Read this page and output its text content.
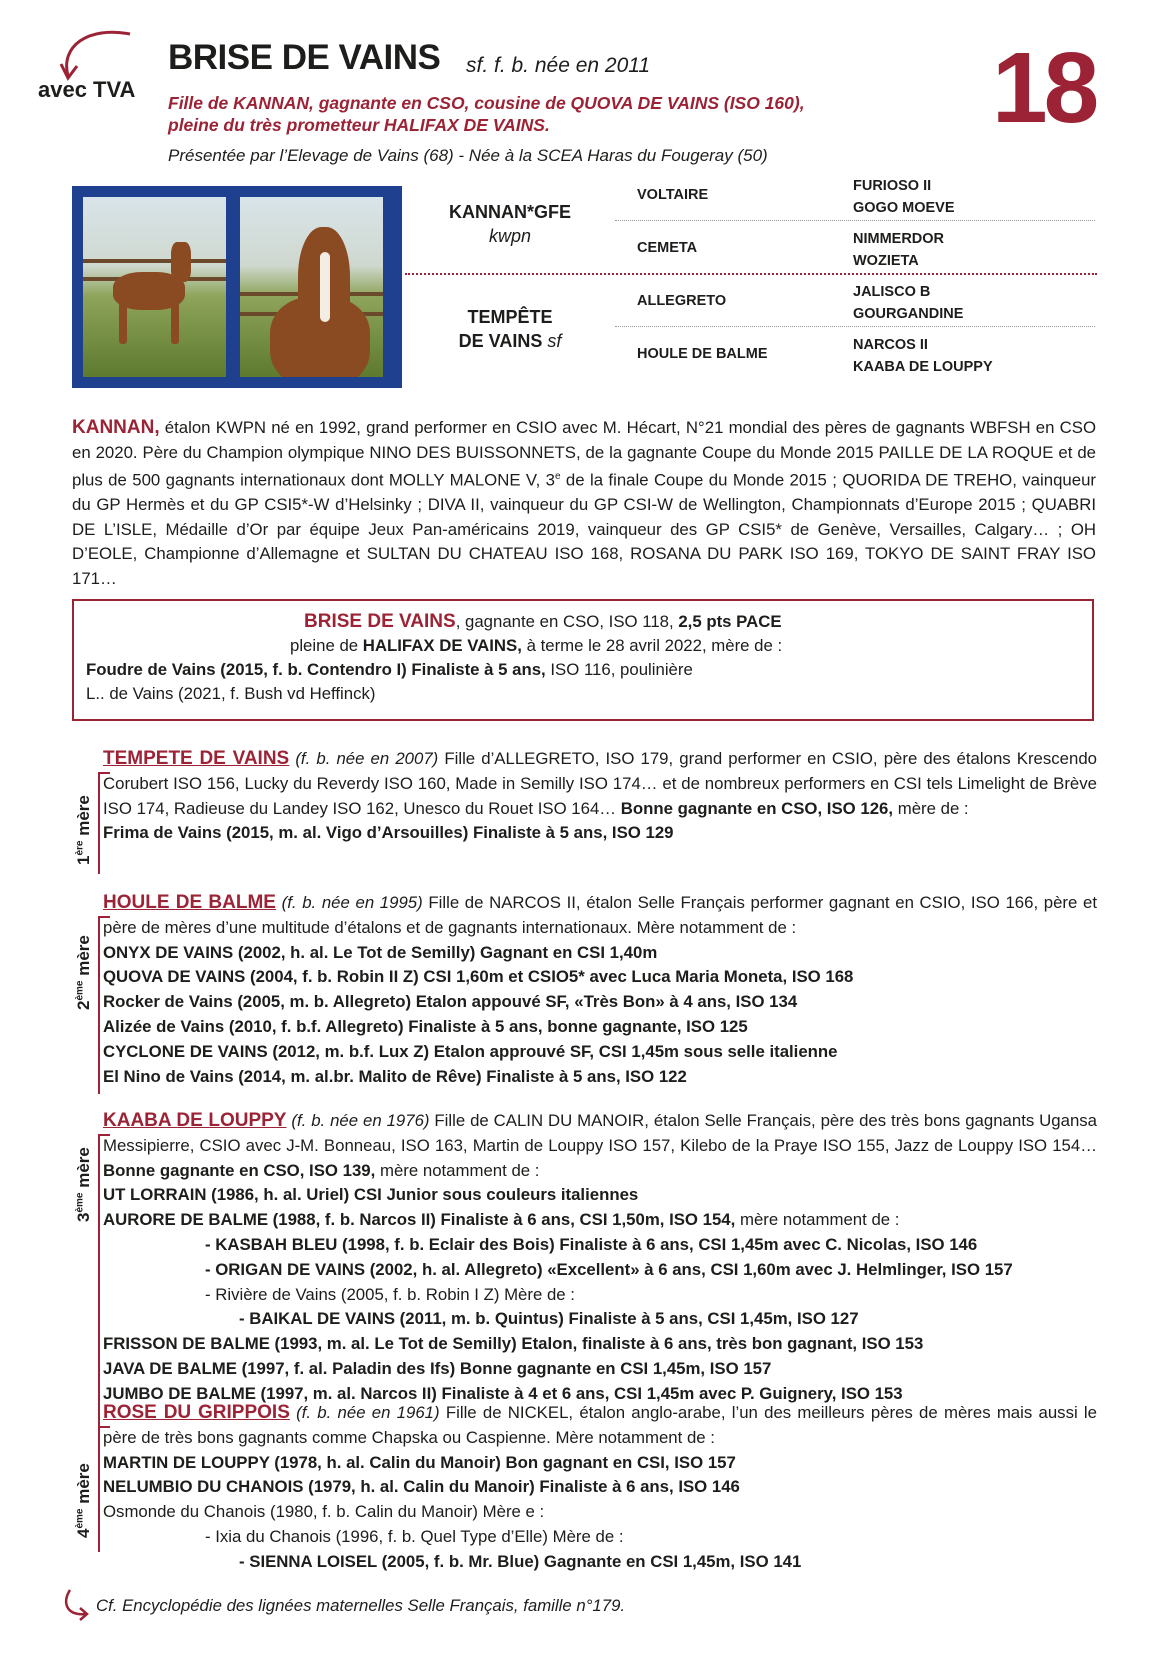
avec TVA
BRISE DE VAINS sf. f. b. née en 2011	18
Fille de KANNAN, gagnante en CSO, cousine de QUOVA DE VAINS (ISO 160),
pleine du très prometteur HALIFAX DE VAINS.
Présentée par l’Elevage de Vains (68) - Née à la SCEA Haras du Fougeray (50)
KANNAN*GFE
kwpn
TEMPÊTE
DE VAINS sf
VOLTAIRE
CEMETA
ALLEGRETO
HOULE DE BALME
FURIOSO II
GOGO MOEVE
NIMMERDOR
WOZIETA
JALISCO B
GOURGANDINE
NARCOS II
KAABA DE LOUPPY
KANNAN, étalon KWPN né en 1992, grand performer en CSIO avec M. Hécart, N°21 mondial des pères de gagnants WBFSH en CSO en 2020. Père du Champion olympique NINO DES BUISSONNETS, de la gagnante Coupe du Monde 2015 PAILLE DE LA ROQUE et de plus de 500 gagnants internationaux dont MOLLY MALONE V, 3e de la finale Coupe du Monde 2015 ; QUORIDA DE TREHO, vainqueur du GP Hermès et du GP CSI5*-W d’Helsinky ; DIVA II, vainqueur du GP CSI-W de Wellington, Championnats d’Europe 2015 ; QUABRI DE L’ISLE, Médaille d’Or par équipe Jeux Pan-américains 2019, vainqueur des GP CSI5* de Genève, Versailles, Calgary… ; OH D’EOLE, Championne d’Allemagne et SULTAN DU CHATEAU ISO 168, ROSANA DU PARK ISO 169, TOKYO DE SAINT FRAY ISO 171…
BRISE DE VAINS, gagnante en CSO, ISO 118, 2,5 pts PACE
pleine de HALIFAX DE VAINS, à terme le 28 avril 2022, mère de :
Foudre de Vains (2015, f. b. Contendro I) Finaliste à 5 ans, ISO 116, poulinière
L.. de Vains (2021, f. Bush vd Heffinck)
1ère mère
TEMPETE DE VAINS (f. b. née en 2007) Fille d’ALLEGRETO, ISO 179, grand performer en CSIO, père des étalons Krescendo Corubert ISO 156, Lucky du Reverdy ISO 160, Made in Semilly ISO 174… et de nombreux performers en CSI tels Limelight de Brève ISO 174, Radieuse du Landey ISO 162, Unesco du Rouet ISO 164… Bonne gagnante en CSO, ISO 126, mère de :
Frima de Vains (2015, m. al. Vigo d’Arsouilles) Finaliste à 5 ans, ISO 129
2ème mère
HOULE DE BALME (f. b. née en 1995) Fille de NARCOS II, étalon Selle Français performer gagnant en CSIO, ISO 166, père et père de mères d’une multitude d’étalons et de gagnants internationaux. Mère notamment de :
ONYX DE VAINS (2002, h. al. Le Tot de Semilly) Gagnant en CSI 1,40m
QUOVA DE VAINS (2004, f. b. Robin II Z) CSI 1,60m et CSIO5* avec Luca Maria Moneta, ISO 168
Rocker de Vains (2005, m. b. Allegreto) Etalon appouvé SF, «Très Bon» à 4 ans, ISO 134
Alizée de Vains (2010, f. b.f. Allegreto) Finaliste à 5 ans, bonne gagnante, ISO 125
CYCLONE DE VAINS (2012, m. b.f. Lux Z) Etalon approuvé SF, CSI 1,45m sous selle italienne
El Nino de Vains (2014, m. al.br. Malito de Rêve) Finaliste à 5 ans, ISO 122
3ème mère
KAABA DE LOUPPY (f. b. née en 1976) Fille de CALIN DU MANOIR, étalon Selle Français, père des très bons gagnants Ugansa Messipierre, CSIO avec J-M. Bonneau, ISO 163, Martin de Louppy ISO 157, Kilebo de la Praye ISO 155, Jazz de Louppy ISO 154… Bonne gagnante en CSO, ISO 139, mère notamment de :
UT LORRAIN (1986, h. al. Uriel) CSI Junior sous couleurs italiennes
AURORE DE BALME (1988, f. b. Narcos II) Finaliste à 6 ans, CSI 1,50m, ISO 154, mère notamment de :
- KASBAH BLEU (1998, f. b. Eclair des Bois) Finaliste à 6 ans, CSI 1,45m avec C. Nicolas, ISO 146
- ORIGAN DE VAINS (2002, h. al. Allegreto) «Excellent» à 6 ans, CSI 1,60m avec J. Helmlinger, ISO 157
- Rivière de Vains (2005, f. b. Robin I Z) Mère de :
- BAIKAL DE VAINS (2011, m. b. Quintus) Finaliste à 5 ans, CSI 1,45m, ISO 127
FRISSON DE BALME (1993, m. al. Le Tot de Semilly) Etalon, finaliste à 6 ans, très bon gagnant, ISO 153
JAVA DE BALME (1997, f. al. Paladin des Ifs) Bonne gagnante en CSI 1,45m, ISO 157
JUMBO DE BALME (1997, m. al. Narcos II) Finaliste à 4 et 6 ans, CSI 1,45m avec P. Guignery, ISO 153
4ème mère
ROSE DU GRIPPOIS (f. b. née en 1961) Fille de NICKEL, étalon anglo-arabe, l’un des meilleurs pères de mères mais aussi le père de très bons gagnants comme Chapska ou Caspienne. Mère notamment de :
MARTIN DE LOUPPY (1978, h. al. Calin du Manoir) Bon gagnant en CSI, ISO 157
NELUMBIO DU CHANOIS (1979, h. al. Calin du Manoir) Finaliste à 6 ans, ISO 146
Osmonde du Chanois (1980, f. b. Calin du Manoir) Mère e :
- Ixia du Chanois (1996, f. b. Quel Type d’Elle) Mère de :
- SIENNA LOISEL (2005, f. b. Mr. Blue) Gagnante en CSI 1,45m, ISO 141
Cf. Encyclopédie des lignées maternelles Selle Français, famille n°179.
